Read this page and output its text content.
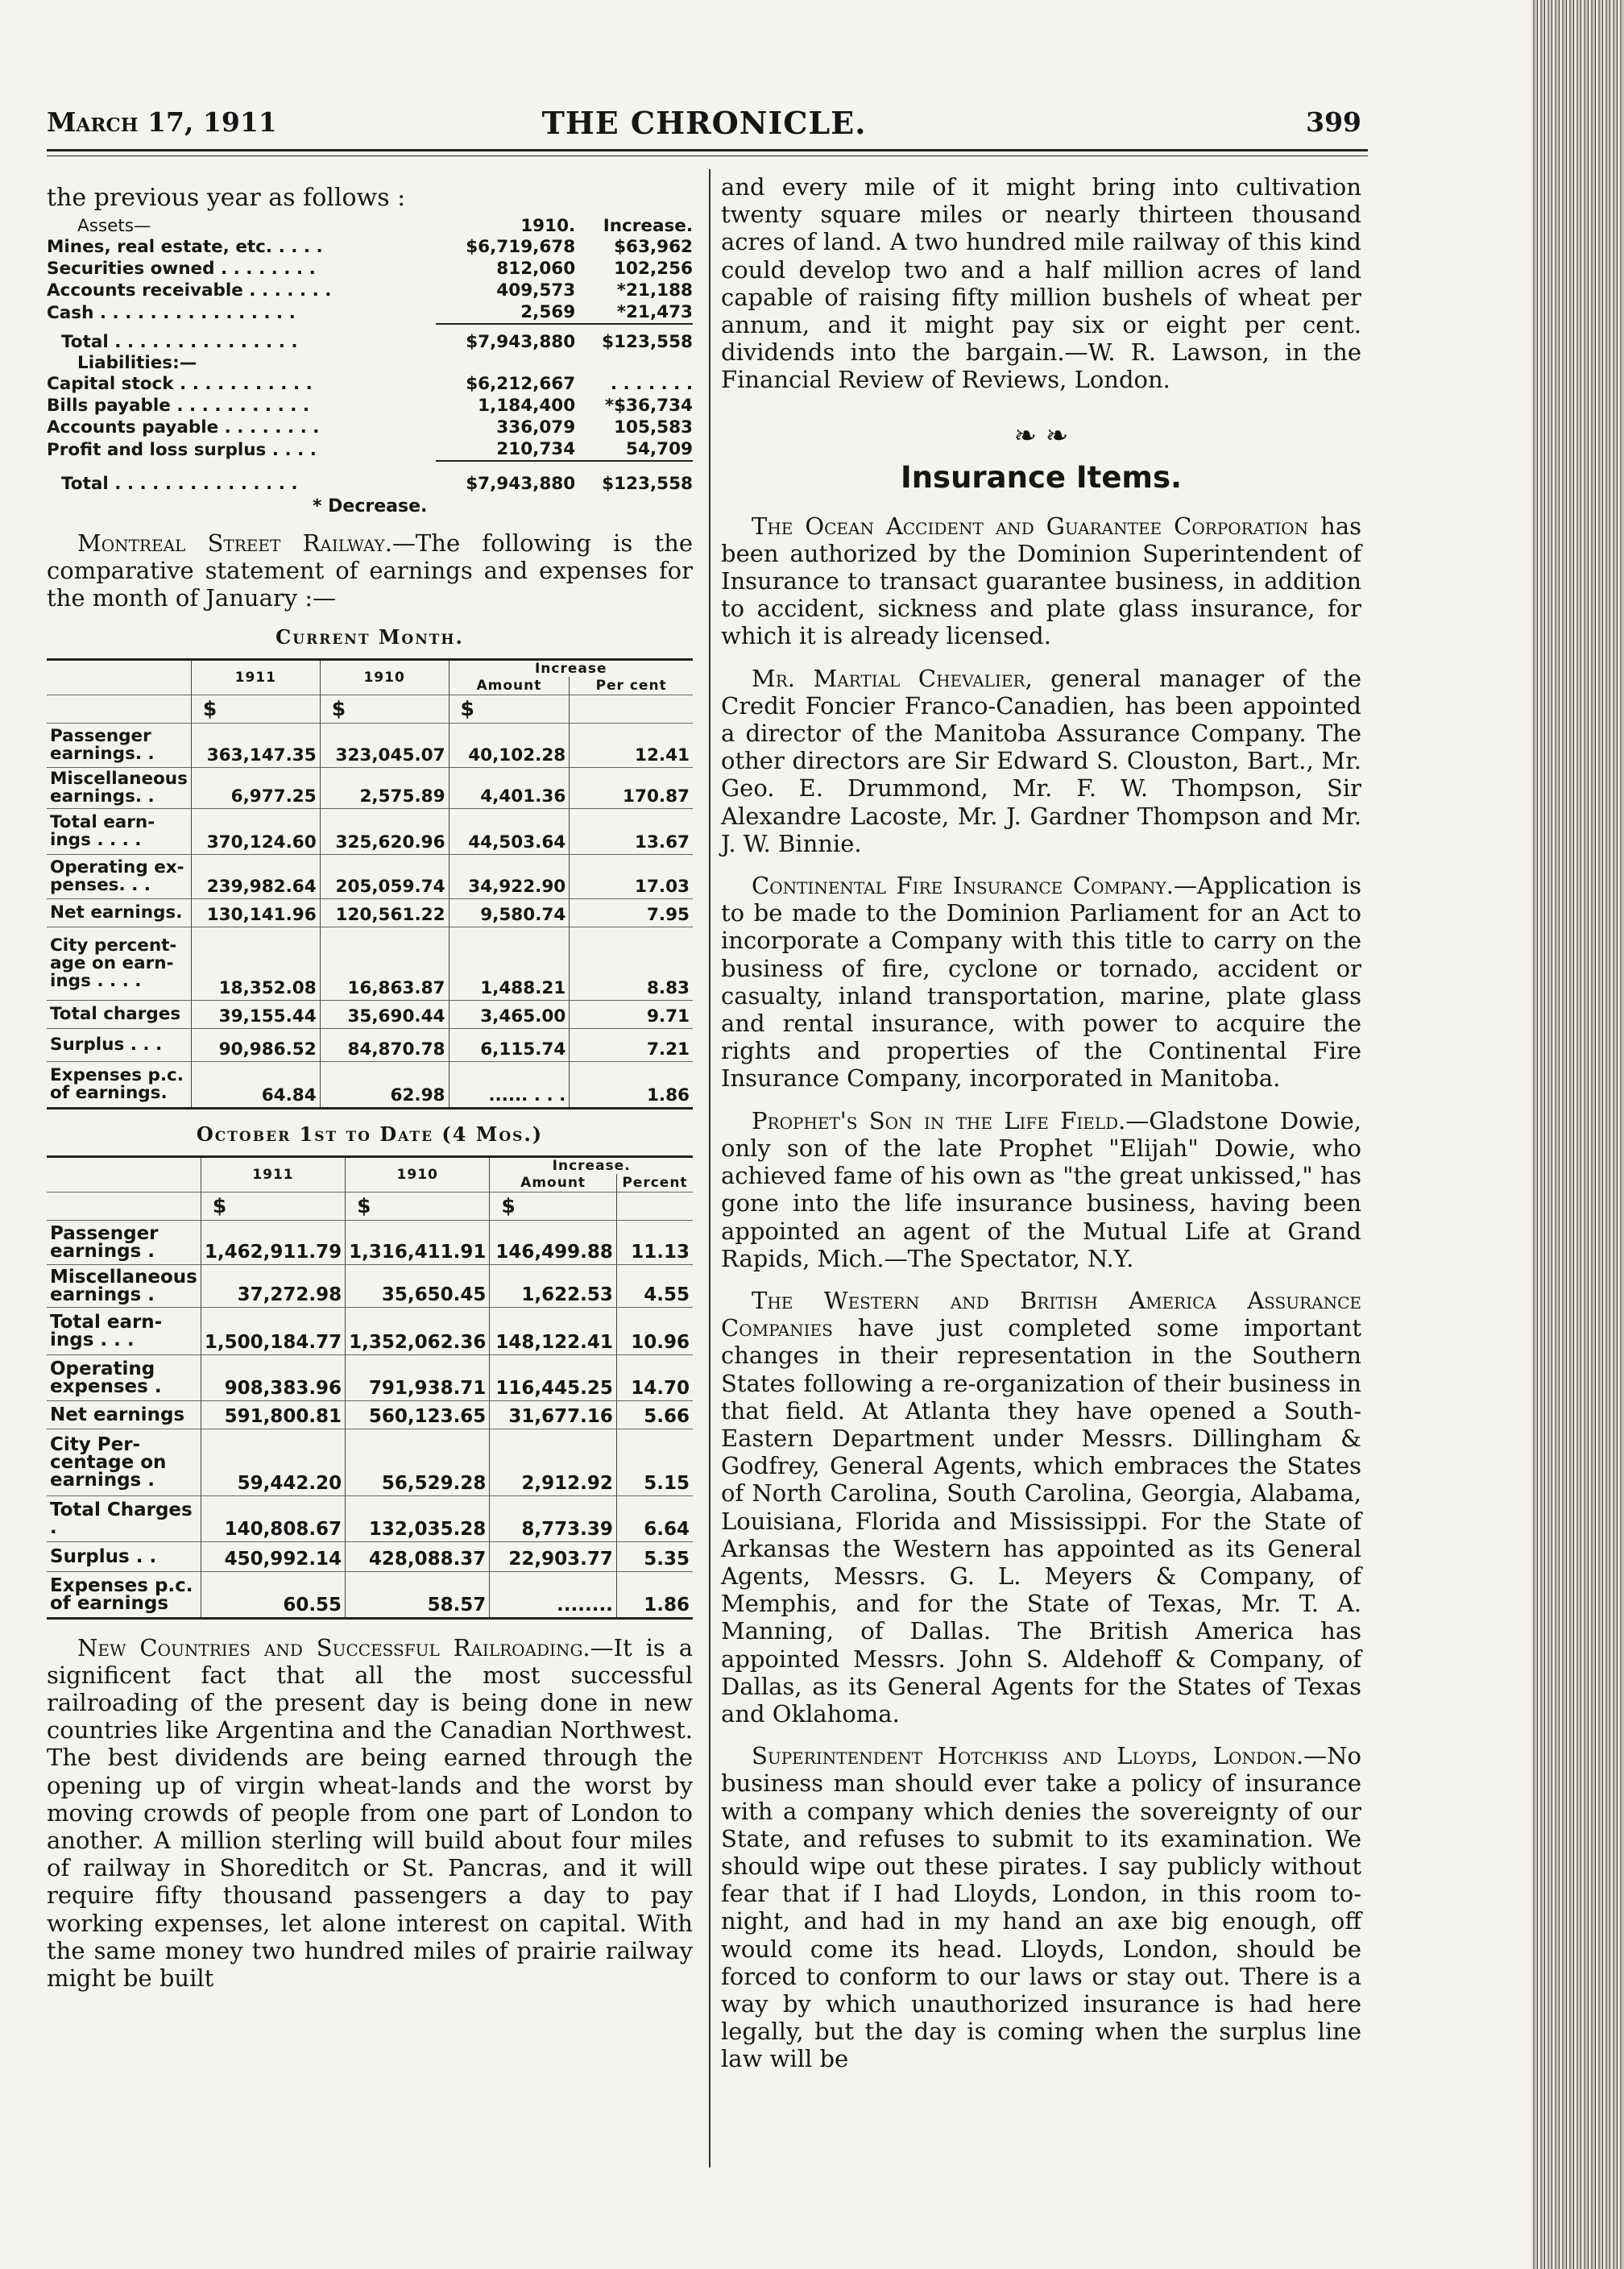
March 17, 1911	THE CHRONICLE.	399

the previous year as follows :

Assets—	1910.	Increase.
Mines, real estate, etc. . . . .	$6,719,678	$63,962
Securities owned . . . . . . . .	812,060	102,256
Accounts receivable . . . . . . .	409,573	*21,188
Cash . . . . . . . . . . . . . . . .	2,569	*21,473
Total . . . . . . . . . . . . . . .	$7,943,880	$123,558
Liabilities:—		
Capital stock . . . . . . . . . . .	$6,212,667	. . . . . . .
Bills payable . . . . . . . . . . .	1,184,400	*$36,734
Accounts payable . . . . . . . .	336,079	105,583
Profit and loss surplus . . . .	210,734	54,709

Total . . . . . . . . . . . . . . .	$7,943,880	$123,558

* Decrease.

Montreal Street Railway.—The following is the comparative statement of earnings and expenses for the month of January :—

Current Month.
	1911	1910	Increase	
			Amount	Per cent
	$	$	$	
Passenger earnings. .	363,147.35	323,045.07	40,102.28	12.41
Miscellaneous earnings. .	6,977.25	2,575.89	4,401.36	170.87
Total earn- ings . . . .	370,124.60	325,620.96	44,503.64	13.67
Operating ex- penses. . .	239,982.64	205,059.74	34,922.90	17.03
Net earnings.	130,141.96	120,561.22	9,580.74	7.95
City percent- age on earn- ings . . . .	18,352.08	16,863.87	1,488.21	8.83
Total charges	39,155.44	35,690.44	3,465.00	9.71
Surplus . . .	90,986.52	84,870.78	6,115.74	7.21
Expenses p.c. of earnings.	64.84	62.98	...... . . .	1.86
October 1st to Date (4 Mos.)
	1911	1910	Increase.	
			Amount	Percent
	$	$	$	
Passenger earnings .	1,462,911.79	1,316,411.91	146,499.88	11.13
Miscellaneous earnings .	37,272.98	35,650.45	1,622.53	4.55
Total earn- ings . . .	1,500,184.77	1,352,062.36	148,122.41	10.96
Operating expenses .	908,383.96	791,938.71	116,445.25	14.70
Net earnings	591,800.81	560,123.65	31,677.16	5.66
City Per- centage on earnings .	59,442.20	56,529.28	2,912.92	5.15
Total Charges .	140,808.67	132,035.28	8,773.39	6.64
Surplus . .	450,992.14	428,088.37	22,903.77	5.35
Expenses p.c. of earnings	60.55	58.57	........	1.86

New Countries and Successful Railroading.—It is a significent fact that all the most successful railroading of the present day is being done in new countries like Argentina and the Canadian Northwest. The best dividends are being earned through the opening up of virgin wheat-lands and the worst by moving crowds of people from one part of London to another. A million sterling will build about four miles of railway in Shoreditch or St. Pancras, and it will require fifty thousand passengers a day to pay working expenses, let alone interest on capital. With the same money two hundred miles of prairie railway might be built

and every mile of it might bring into cultivation twenty square miles or nearly thirteen thousand acres of land. A two hundred mile railway of this kind could develop two and a half million acres of land capable of raising fifty million bushels of wheat per annum, and it might pay six or eight per cent. dividends into the bargain.—W. R. Lawson, in the Financial Review of Reviews, London.

❧ ❧
Insurance Items.

The Ocean Accident and Guarantee Corporation has been authorized by the Dominion Superintendent of Insurance to transact guarantee business, in addition to accident, sickness and plate glass insurance, for which it is already licensed.

Mr. Martial Chevalier, general manager of the Credit Foncier Franco-Canadien, has been appointed a director of the Manitoba Assurance Company. The other directors are Sir Edward S. Clouston, Bart., Mr. Geo. E. Drummond, Mr. F. W. Thompson, Sir Alexandre Lacoste, Mr. J. Gardner Thompson and Mr. J. W. Binnie.

Continental Fire Insurance Company.—Application is to be made to the Dominion Parliament for an Act to incorporate a Company with this title to carry on the business of fire, cyclone or tornado, accident or casualty, inland transportation, marine, plate glass and rental insurance, with power to acquire the rights and properties of the Continental Fire Insurance Company, incorporated in Manitoba.

Prophet's Son in the Life Field.—Gladstone Dowie, only son of the late Prophet "Elijah" Dowie, who achieved fame of his own as "the great unkissed," has gone into the life insurance business, having been appointed an agent of the Mutual Life at Grand Rapids, Mich.—The Spectator, N.Y.

The Western and British America Assurance Companies have just completed some important changes in their representation in the Southern States following a re-organization of their business in that field. At Atlanta they have opened a South-Eastern Department under Messrs. Dillingham & Godfrey, General Agents, which embraces the States of North Carolina, South Carolina, Georgia, Alabama, Louisiana, Florida and Mississippi. For the State of Arkansas the Western has appointed as its General Agents, Messrs. G. L. Meyers & Company, of Memphis, and for the State of Texas, Mr. T. A. Manning, of Dallas. The British America has appointed Messrs. John S. Aldehoff & Company, of Dallas, as its General Agents for the States of Texas and Oklahoma.

Superintendent Hotchkiss and Lloyds, London.—No business man should ever take a policy of insurance with a company which denies the sovereignty of our State, and refuses to submit to its examination. We should wipe out these pirates. I say publicly without fear that if I had Lloyds, London, in this room to-night, and had in my hand an axe big enough, off would come its head. Lloyds, London, should be forced to conform to our laws or stay out. There is a way by which unauthorized insurance is had here legally, but the day is coming when the surplus line law will be
